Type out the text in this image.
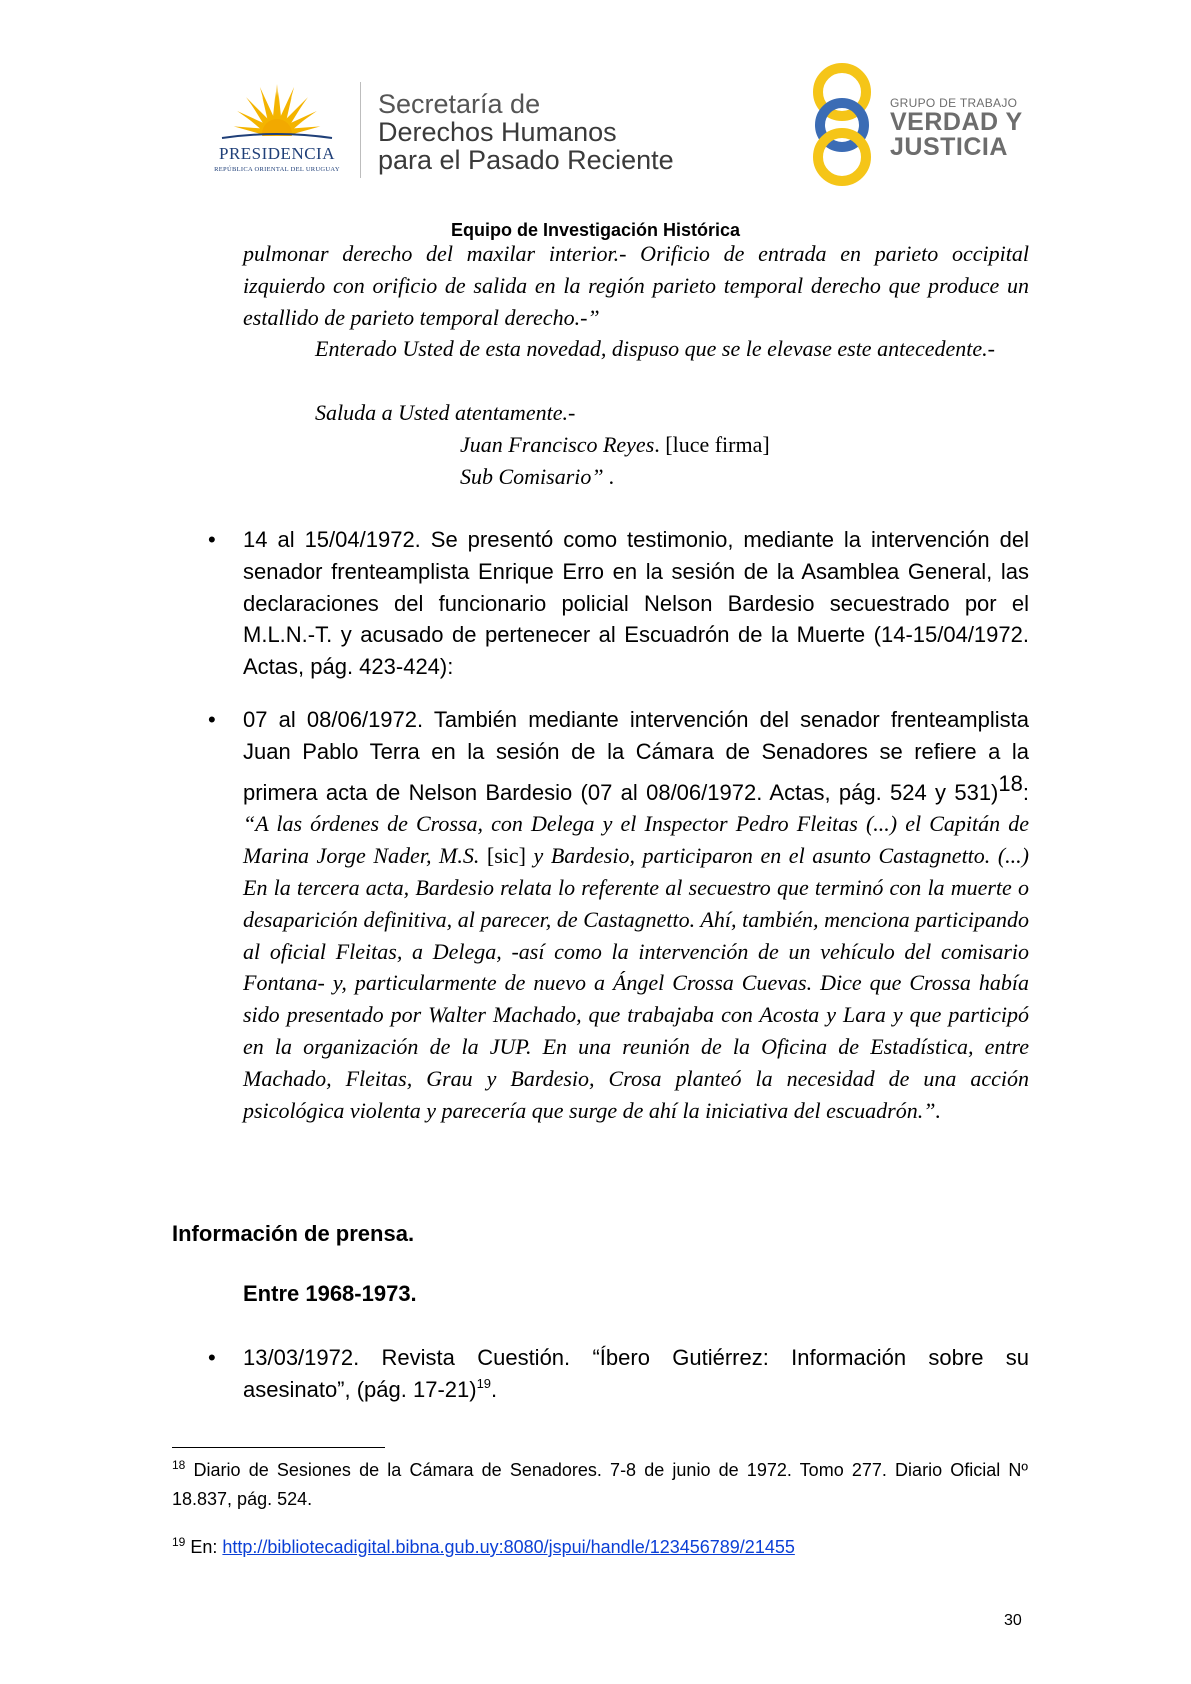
PRESIDENCIA
REPÚBLICA ORIENTAL DEL URUGUAY
Secretaría de
Derechos Humanos
para el Pasado Reciente
GRUPO DE TRABAJO
VERDAD Y
JUSTICIA
Equipo de Investigación Histórica
pulmonar derecho del maxilar interior.- Orificio de entrada en parieto occipital izquierdo con orificio de salida en la región parieto temporal derecho que produce un estallido de parieto temporal derecho.-”
Enterado Usted de esta novedad, dispuso que se le elevase este antecedente.-
Saluda a Usted atentamente.-
Juan Francisco Reyes. [luce firma]
Sub Comisario” .
• 14 al 15/04/1972. Se presentó como testimonio, mediante la intervención del senador frenteamplista Enrique Erro en la sesión de la Asamblea General, las declaraciones del funcionario policial Nelson Bardesio secuestrado por el M.L.N.-T. y acusado de pertenecer al Escuadrón de la Muerte (14-15/04/1972. Actas, pág. 423-424):
• 07 al 08/06/1972. También mediante intervención del senador frenteamplista Juan Pablo Terra en la sesión de la Cámara de Senadores se refiere a la primera acta de Nelson Bardesio (07 al 08/06/1972. Actas, pág. 524 y 531)$^{18}$: “A las órdenes de Crossa, con Delega y el Inspector Pedro Fleitas (...) el Capitán de Marina Jorge Nader, M.S. [sic] y Bardesio, participaron en el asunto Castagnetto. (...) En la tercera acta, Bardesio relata lo referente al secuestro que terminó con la muerte o desaparición definitiva, al parecer, de Castagnetto. Ahí, también, menciona participando al oficial Fleitas, a Delega, -así como la intervención de un vehículo del comisario Fontana- y, particularmente de nuevo a Ángel Crossa Cuevas. Dice que Crossa había sido presentado por Walter Machado, que trabajaba con Acosta y Lara y que participó en la organización de la JUP. En una reunión de la Oficina de Estadística, entre Machado, Fleitas, Grau y Bardesio, Crosa planteó la necesidad de una acción psicológica violenta y parecería que surge de ahí la iniciativa del escuadrón.”.
Información de prensa.
Entre 1968-1973.
• 13/03/1972. Revista Cuestión. “Íbero Gutiérrez: Información sobre su asesinato”, (pág. 17-21)$^{19}$.
$^{18}$ Diario de Sesiones de la Cámara de Senadores. 7-8 de junio de 1972. Tomo 277. Diario Oficial Nº 18.837, pág. 524.
$^{19}$ En: http://bibliotecadigital.bibna.gub.uy:8080/jspui/handle/123456789/21455
30
